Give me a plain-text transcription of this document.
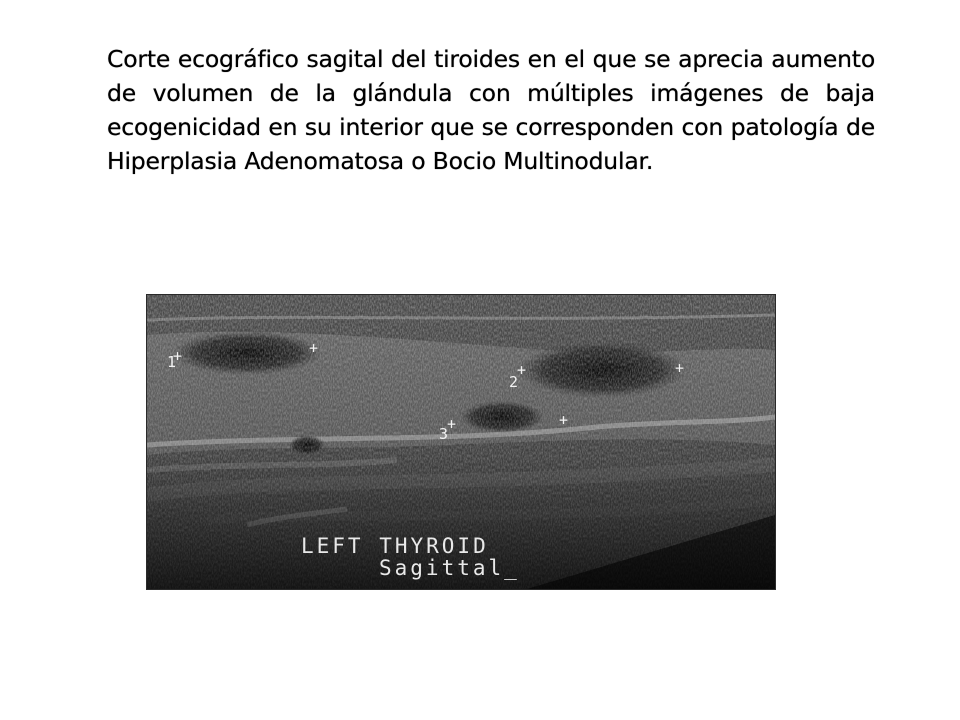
Corte ecográfico sagital del tiroides en el que se aprecia aumento de volumen de la glándula con múltiples imágenes de baja ecogenicidad en su interior que se corresponden con patología de Hiperplasia Adenomatosa o Bocio Multinodular.

1
+	+
2
+	+
3
+	+
LEFT THYROID
Sagittal_
